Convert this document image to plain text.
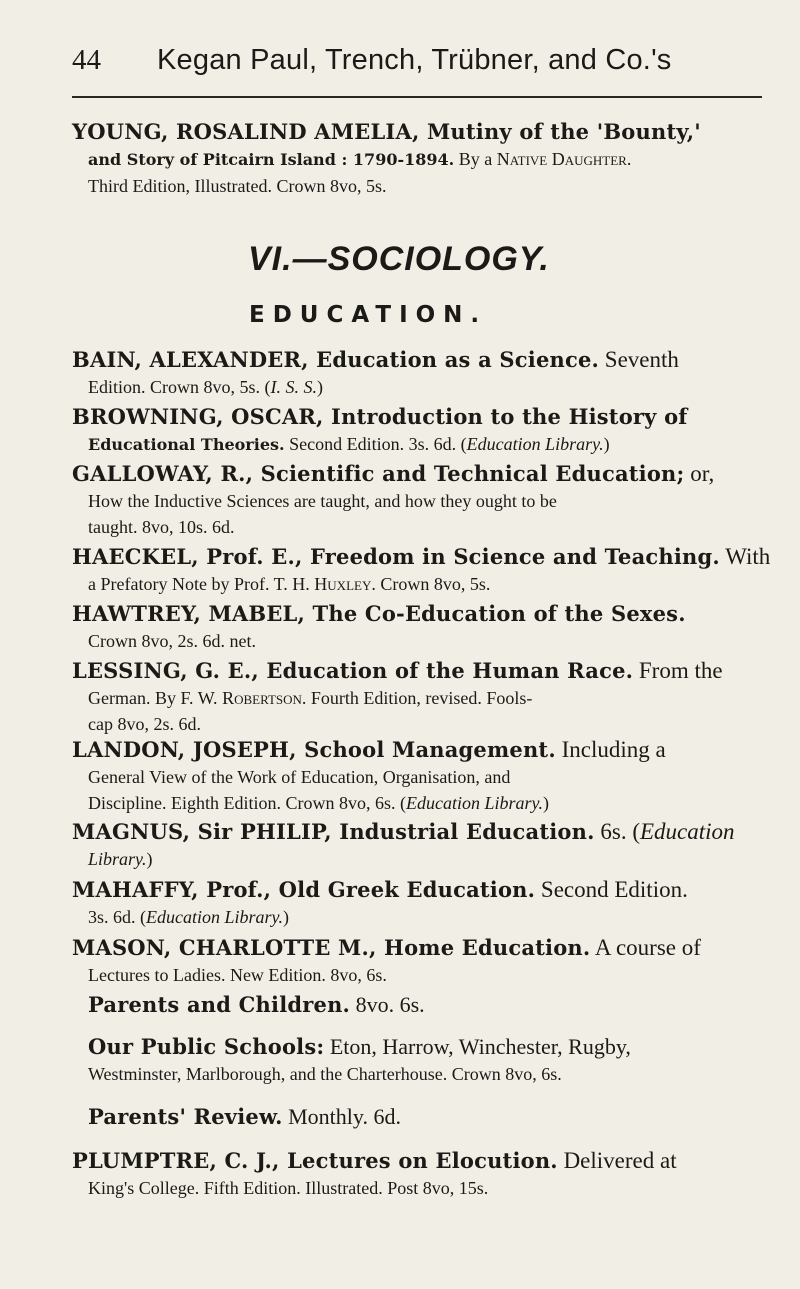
44 Kegan Paul, Trench, Trübner, and Co.'s
YOUNG, ROSALIND AMELIA, Mutiny of the 'Bounty,'
and Story of Pitcairn Island : 1790-1894. By a Native Daughter.
Third Edition, Illustrated. Crown 8vo, 5s.
VI.—SOCIOLOGY.
EDUCATION.
BAIN, ALEXANDER, Education as a Science. Seventh
Edition. Crown 8vo, 5s. (I. S. S.)
BROWNING, OSCAR, Introduction to the History of
Educational Theories. Second Edition. 3s. 6d. (Education Library.)
GALLOWAY, R., Scientific and Technical Education; or,
How the Inductive Sciences are taught, and how they ought to be
taught. 8vo, 10s. 6d.
HAECKEL, Prof. E., Freedom in Science and Teaching. With
a Prefatory Note by Prof. T. H. Huxley. Crown 8vo, 5s.
HAWTREY, MABEL, The Co-Education of the Sexes.
Crown 8vo, 2s. 6d. net.
LESSING, G. E., Education of the Human Race. From the
German. By F. W. Robertson. Fourth Edition, revised. Fools-
cap 8vo, 2s. 6d.
LANDON, JOSEPH, School Management. Including a
General View of the Work of Education, Organisation, and
Discipline. Eighth Edition. Crown 8vo, 6s. (Education Library.)
MAGNUS, Sir PHILIP, Industrial Education. 6s. (Education
Library.)
MAHAFFY, Prof., Old Greek Education. Second Edition.
3s. 6d. (Education Library.)
MASON, CHARLOTTE M., Home Education. A course of
Lectures to Ladies. New Edition. 8vo, 6s.
Parents and Children. 8vo. 6s.
Our Public Schools: Eton, Harrow, Winchester, Rugby,
Westminster, Marlborough, and the Charterhouse. Crown 8vo, 6s.
Parents' Review. Monthly. 6d.
PLUMPTRE, C. J., Lectures on Elocution. Delivered at
King's College. Fifth Edition. Illustrated. Post 8vo, 15s.
